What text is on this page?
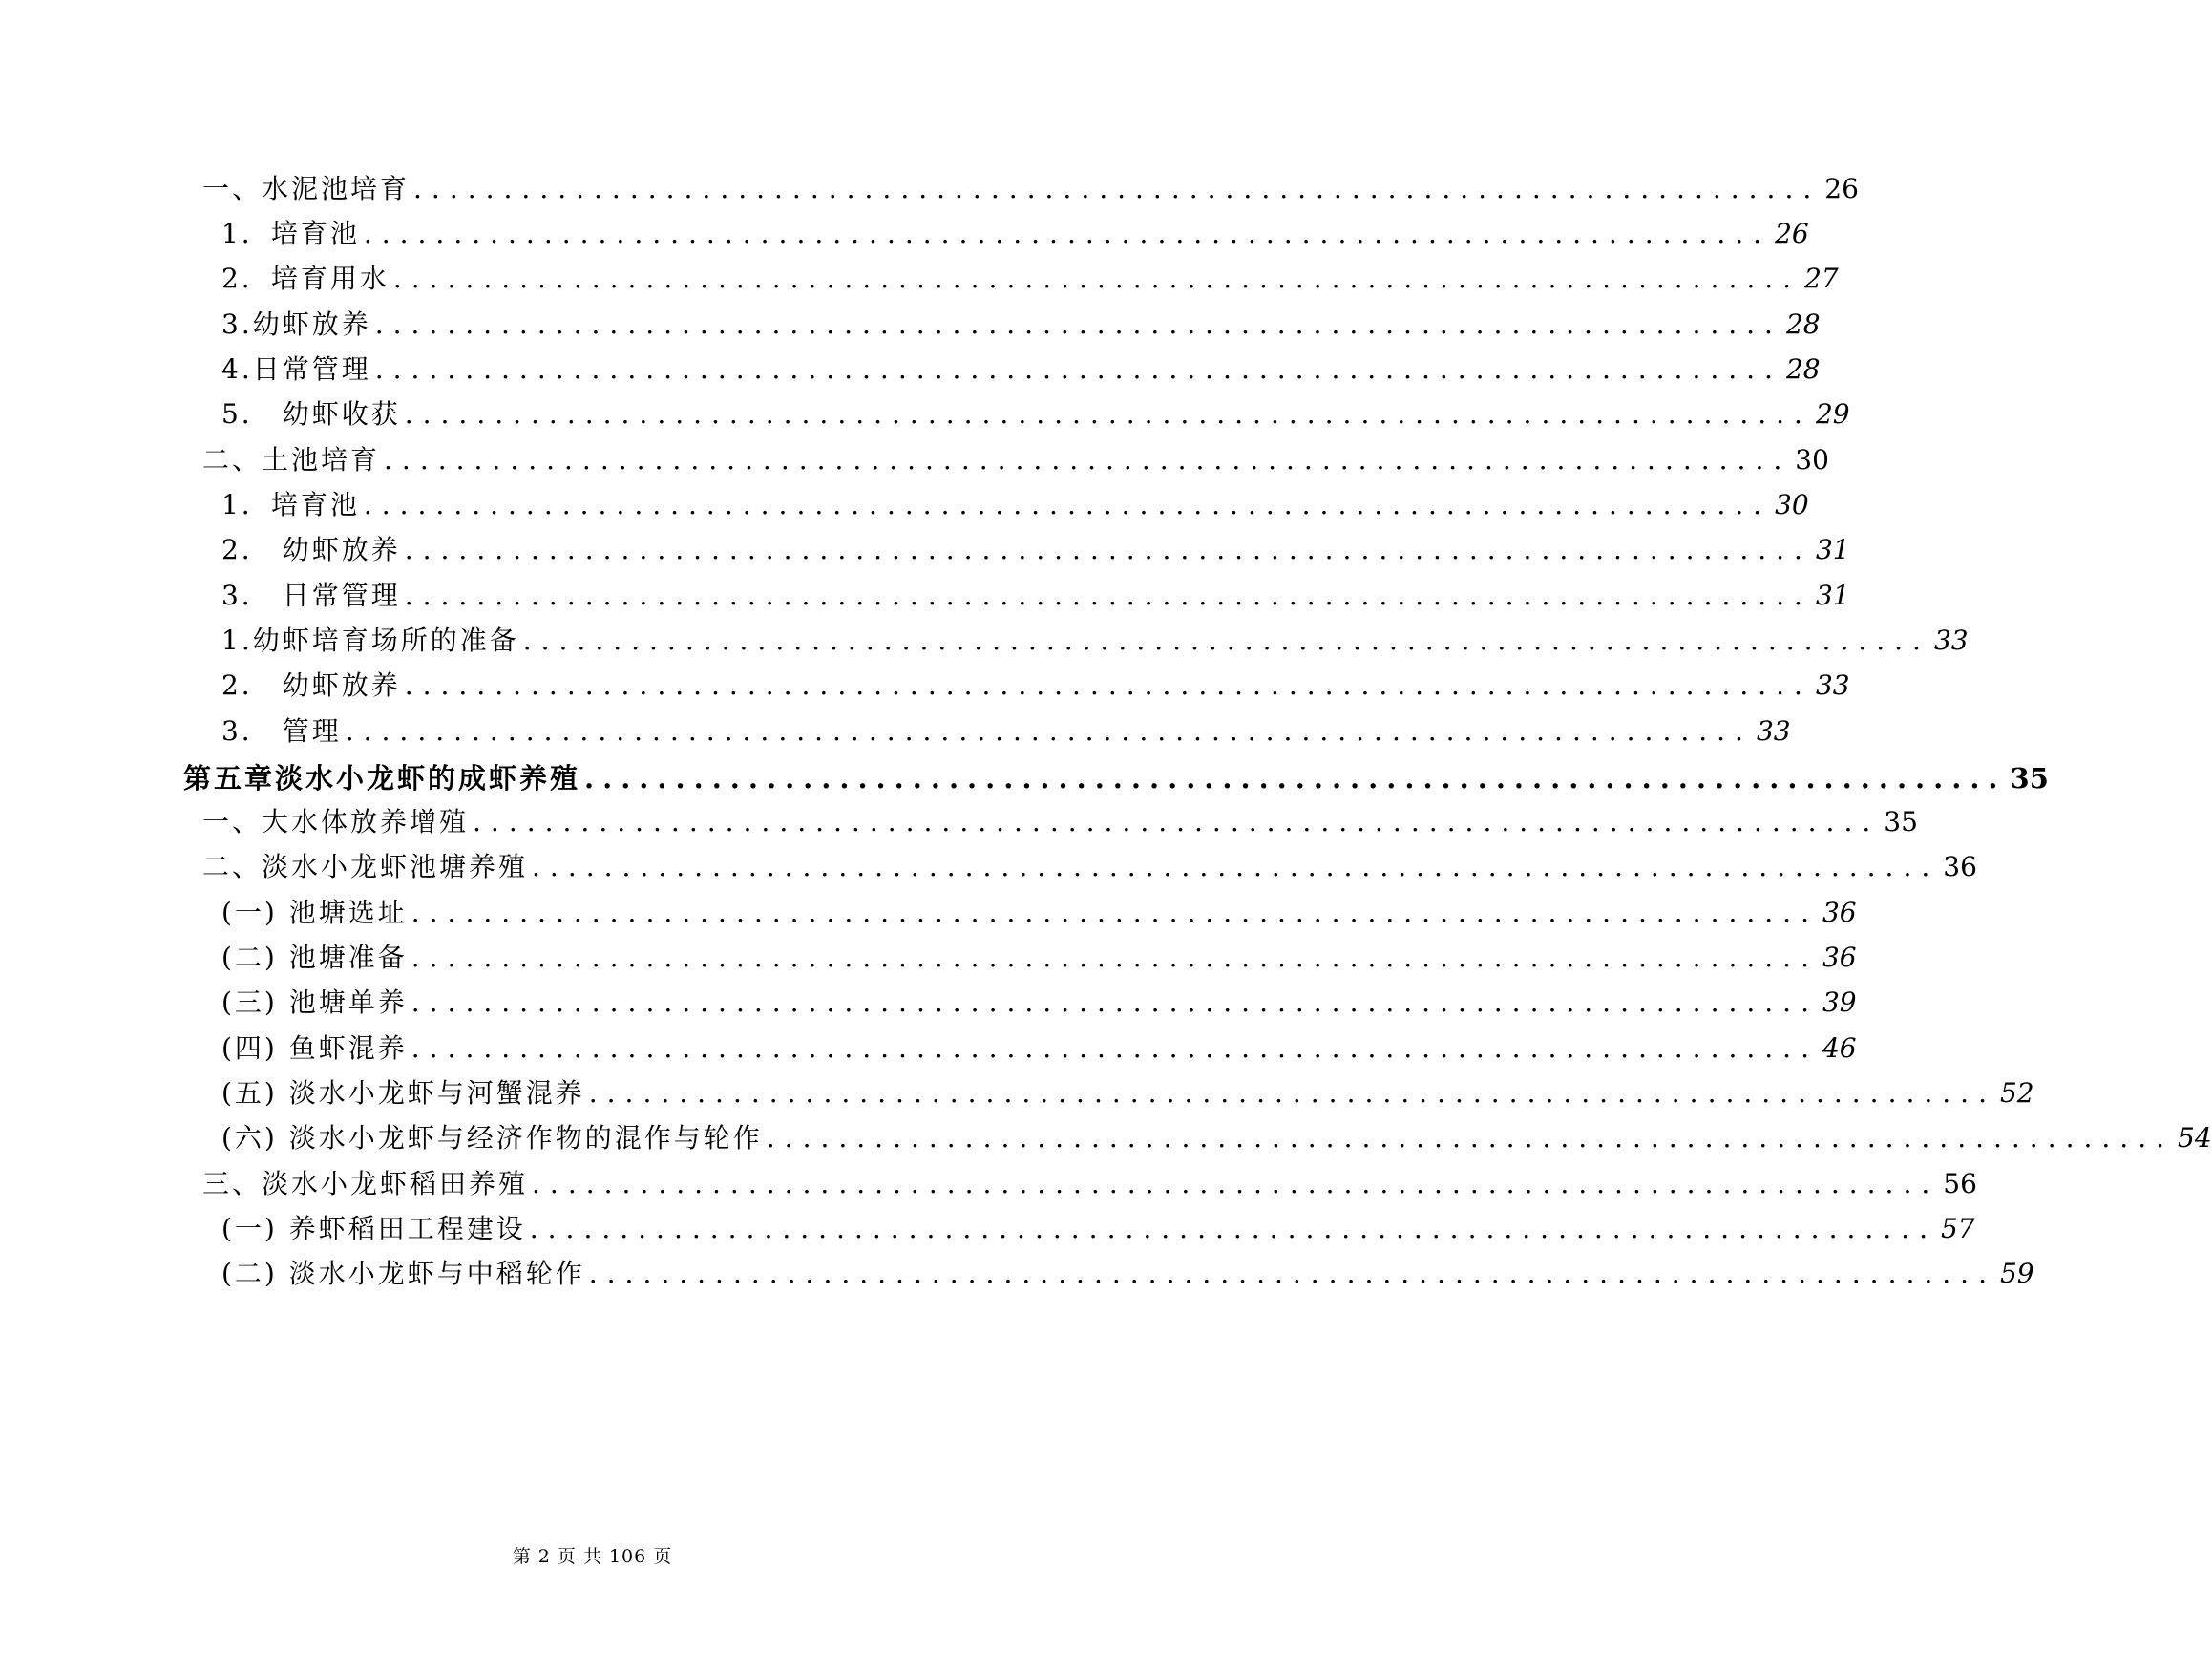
一、水泥池培育 .............................................................................. 26
1．培育池 .............................................................................. 26
2．培育用水 .............................................................................. 27
3.幼虾放养 .............................................................................. 28
4.日常管理 .............................................................................. 28
5． 幼虾收获 .............................................................................. 29
二、土池培育 .............................................................................. 30
1．培育池 .............................................................................. 30
2． 幼虾放养 .............................................................................. 31
3． 日常管理 .............................................................................. 31
1.幼虾培育场所的准备 .............................................................................. 33
2． 幼虾放养 .............................................................................. 33
3． 管理 .............................................................................. 33
第五章淡水小龙虾的成虾养殖 .............................................................................. 35
一、大水体放养增殖 .............................................................................. 35
二、淡水小龙虾池塘养殖 .............................................................................. 36
(一) 池塘选址 .............................................................................. 36
(二) 池塘准备 .............................................................................. 36
(三) 池塘单养 .............................................................................. 39
(四) 鱼虾混养 .............................................................................. 46
(五) 淡水小龙虾与河蟹混养 .............................................................................. 52
(六) 淡水小龙虾与经济作物的混作与轮作 .............................................................................. 54
三、淡水小龙虾稻田养殖 .............................................................................. 56
(一) 养虾稻田工程建设 .............................................................................. 57
(二) 淡水小龙虾与中稻轮作 .............................................................................. 59
第 2 页 共 106 页
